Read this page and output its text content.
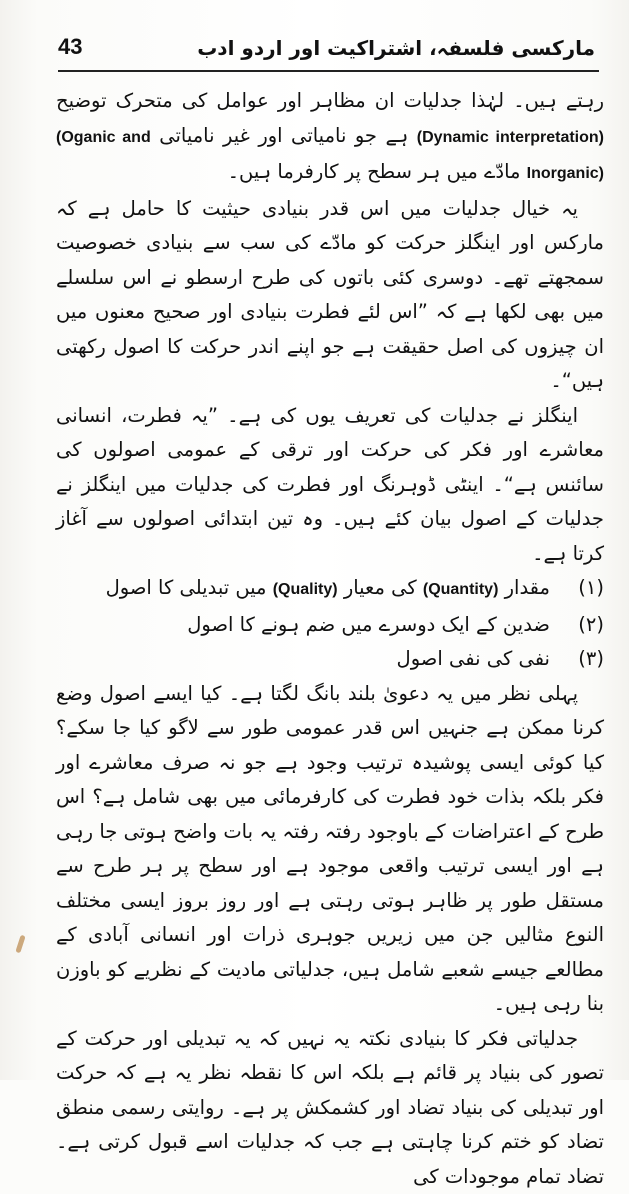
43	مارکسی فلسفہ، اشتراکیت اور اردو ادب

رہتے ہیں۔ لہٰذا جدلیات ان مظاہر اور عوامل کی متحرک توضیح (Dynamic interpretation) ہے جو نامیاتی اور غیر نامیاتی (Oganic and Inorganic) مادّے میں ہر سطح پر کارفرما ہیں۔

یہ خیال جدلیات میں اس قدر بنیادی حیثیت کا حامل ہے کہ مارکس اور اینگلز حرکت کو مادّے کی سب سے بنیادی خصوصیت سمجھتے تھے۔ دوسری کئی باتوں کی طرح ارسطو نے اس سلسلے میں بھی لکھا ہے کہ ”اس لئے فطرت بنیادی اور صحیح معنوں میں ان چیزوں کی اصل حقیقت ہے جو اپنے اندر حرکت کا اصول رکھتی ہیں“۔

اینگلز نے جدلیات کی تعریف یوں کی ہے۔ ”یہ فطرت، انسانی معاشرے اور فکر کی حرکت اور ترقی کے عمومی اصولوں کی سائنس ہے“۔ اینٹی ڈوہرنگ اور فطرت کی جدلیات میں اینگلز نے جدلیات کے اصول بیان کئے ہیں۔ وہ تین ابتدائی اصولوں سے آغاز کرتا ہے۔

(۱)
مقدار (Quantity) کی معیار (Quality) میں تبدیلی کا اصول
(۲)
ضدین کے ایک دوسرے میں ضم ہونے کا اصول
(۳)
نفی کی نفی اصول

پہلی نظر میں یہ دعویٰ بلند بانگ لگتا ہے۔ کیا ایسے اصول وضع کرنا ممکن ہے جنہیں اس قدر عمومی طور سے لاگو کیا جا سکے؟ کیا کوئی ایسی پوشیدہ ترتیب وجود ہے جو نہ صرف معاشرے اور فکر بلکہ بذات خود فطرت کی کارفرمائی میں بھی شامل ہے؟ اس طرح کے اعتراضات کے باوجود رفتہ رفتہ یہ بات واضح ہوتی جا رہی ہے اور ایسی ترتیب واقعی موجود ہے اور سطح پر ہر طرح سے مستقل طور پر ظاہر ہوتی رہتی ہے اور روز بروز ایسی مختلف النوع مثالیں جن میں زیریں جوہری ذرات اور انسانی آبادی کے مطالعے جیسے شعبے شامل ہیں، جدلیاتی مادیت کے نظریے کو باوزن بنا رہی ہیں۔

جدلیاتی فکر کا بنیادی نکتہ یہ نہیں کہ یہ تبدیلی اور حرکت کے تصور کی بنیاد پر قائم ہے بلکہ اس کا نقطہ نظر یہ ہے کہ حرکت اور تبدیلی کی بنیاد تضاد اور کشمکش پر ہے۔ روایتی رسمی منطق تضاد کو ختم کرنا چاہتی ہے جب کہ جدلیات اسے قبول کرتی ہے۔ تضاد تمام موجودات کی
